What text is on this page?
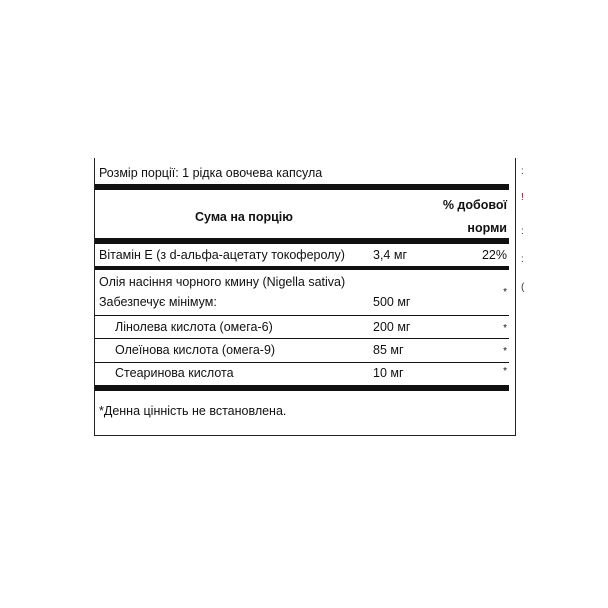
Розмір порції: 1 рідка овочева капсула
Сума на порцію
% добової
норми
Вітамін Е (з d-альфа-ацетату токоферолу) 3,4 мг	22%
Олія насіння чорного кмину (Nigella sativa)
Забезпечує мінімум:	500 мг
*
Лінолева кислота (омега-6)	200 мг	*
Олеїнова кислота (омега-9)	85 мг	*
Стеаринова кислота	10 мг	*
*Денна цінність не встановлена.
:
!
:
:
(
